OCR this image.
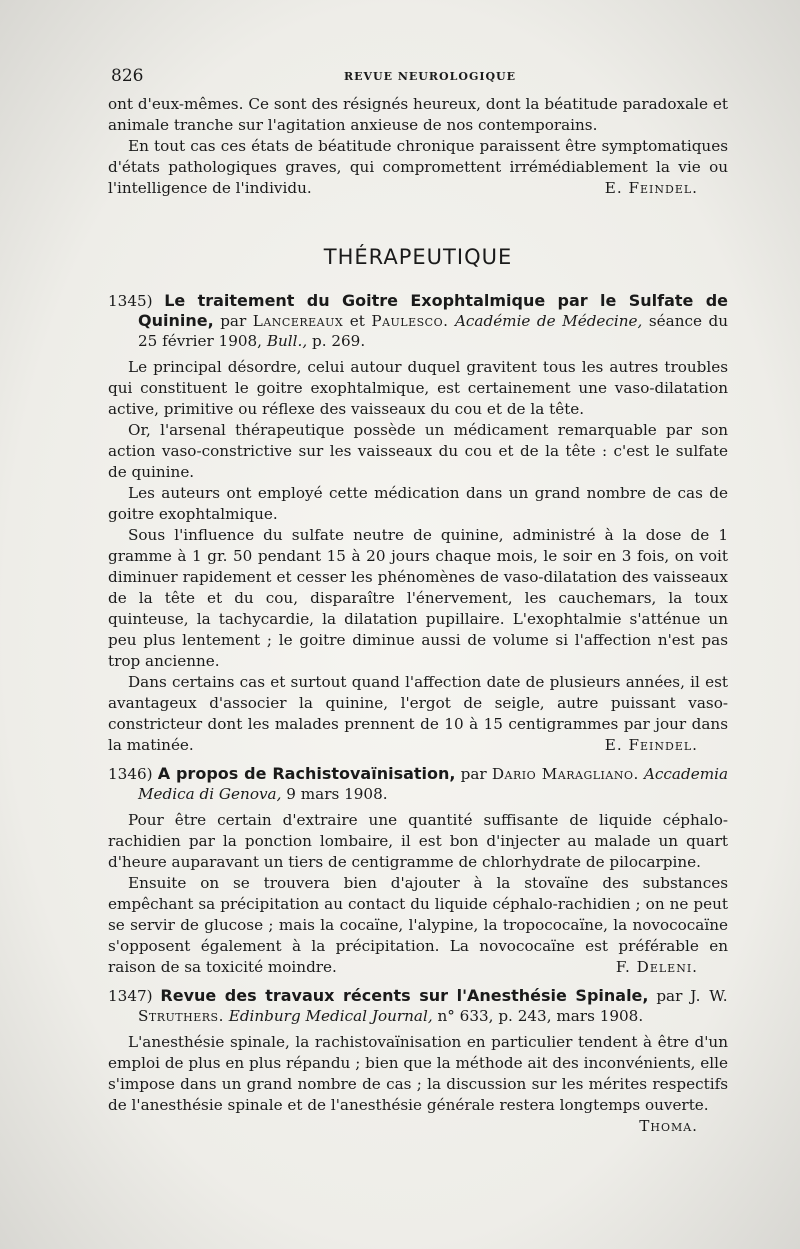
826	REVUE NEUROLOGIQUE

ont d'eux-mêmes. Ce sont des résignés heureux, dont la béatitude paradoxale et animale tranche sur l'agitation anxieuse de nos contemporains.

En tout cas ces états de béatitude chronique paraissent être symptomatiques d'états pathologiques graves, qui compromettent irrémédiablement la vie ou l'intelligence de l'individu.	E. Feindel.

THÉRAPEUTIQUE

1345) Le traitement du Goitre Exophtalmique par le Sulfate de Quinine, par Lancereaux et Paulesco. Académie de Médecine, séance du 25 février 1908, Bull., p. 269.

Le principal désordre, celui autour duquel gravitent tous les autres troubles qui constituent le goitre exophtalmique, est certainement une vaso-dilatation active, primitive ou réflexe des vaisseaux du cou et de la tête.

Or, l'arsenal thérapeutique possède un médicament remarquable par son action vaso-constrictive sur les vaisseaux du cou et de la tête : c'est le sulfate de quinine.

Les auteurs ont employé cette médication dans un grand nombre de cas de goitre exophtalmique.

Sous l'influence du sulfate neutre de quinine, administré à la dose de 1 gramme à 1 gr. 50 pendant 15 à 20 jours chaque mois, le soir en 3 fois, on voit diminuer rapidement et cesser les phénomènes de vaso-dilatation des vaisseaux de la tête et du cou, disparaître l'énervement, les cauchemars, la toux quinteuse, la tachycardie, la dilatation pupillaire. L'exophtalmie s'atténue un peu plus lentement ; le goitre diminue aussi de volume si l'affection n'est pas trop ancienne.

Dans certains cas et surtout quand l'affection date de plusieurs années, il est avantageux d'associer la quinine, l'ergot de seigle, autre puissant vaso-constricteur dont les malades prennent de 10 à 15 centigrammes par jour dans la matinée.	E. Feindel.

1346) A propos de Rachistovaïnisation, par Dario Maragliano. Accademia Medica di Genova, 9 mars 1908.

Pour être certain d'extraire une quantité suffisante de liquide céphalo-rachidien par la ponction lombaire, il est bon d'injecter au malade un quart d'heure auparavant un tiers de centigramme de chlorhydrate de pilocarpine.

Ensuite on se trouvera bien d'ajouter à la stovaïne des substances empêchant sa précipitation au contact du liquide céphalo-rachidien ; on ne peut se servir de glucose ; mais la cocaïne, l'alypine, la tropococaïne, la novococaïne s'opposent également à la précipitation. La novococaïne est préférable en raison de sa toxicité moindre.	F. Deleni.

1347) Revue des travaux récents sur l'Anesthésie Spinale, par J. W. Struthers. Edinburg Medical Journal, n° 633, p. 243, mars 1908.

L'anesthésie spinale, la rachistovaïnisation en particulier tendent à être d'un emploi de plus en plus répandu ; bien que la méthode ait des inconvénients, elle s'impose dans un grand nombre de cas ; la discussion sur les mérites respectifs de l'anesthésie spinale et de l'anesthésie générale restera longtemps ouverte.
Thoma.
